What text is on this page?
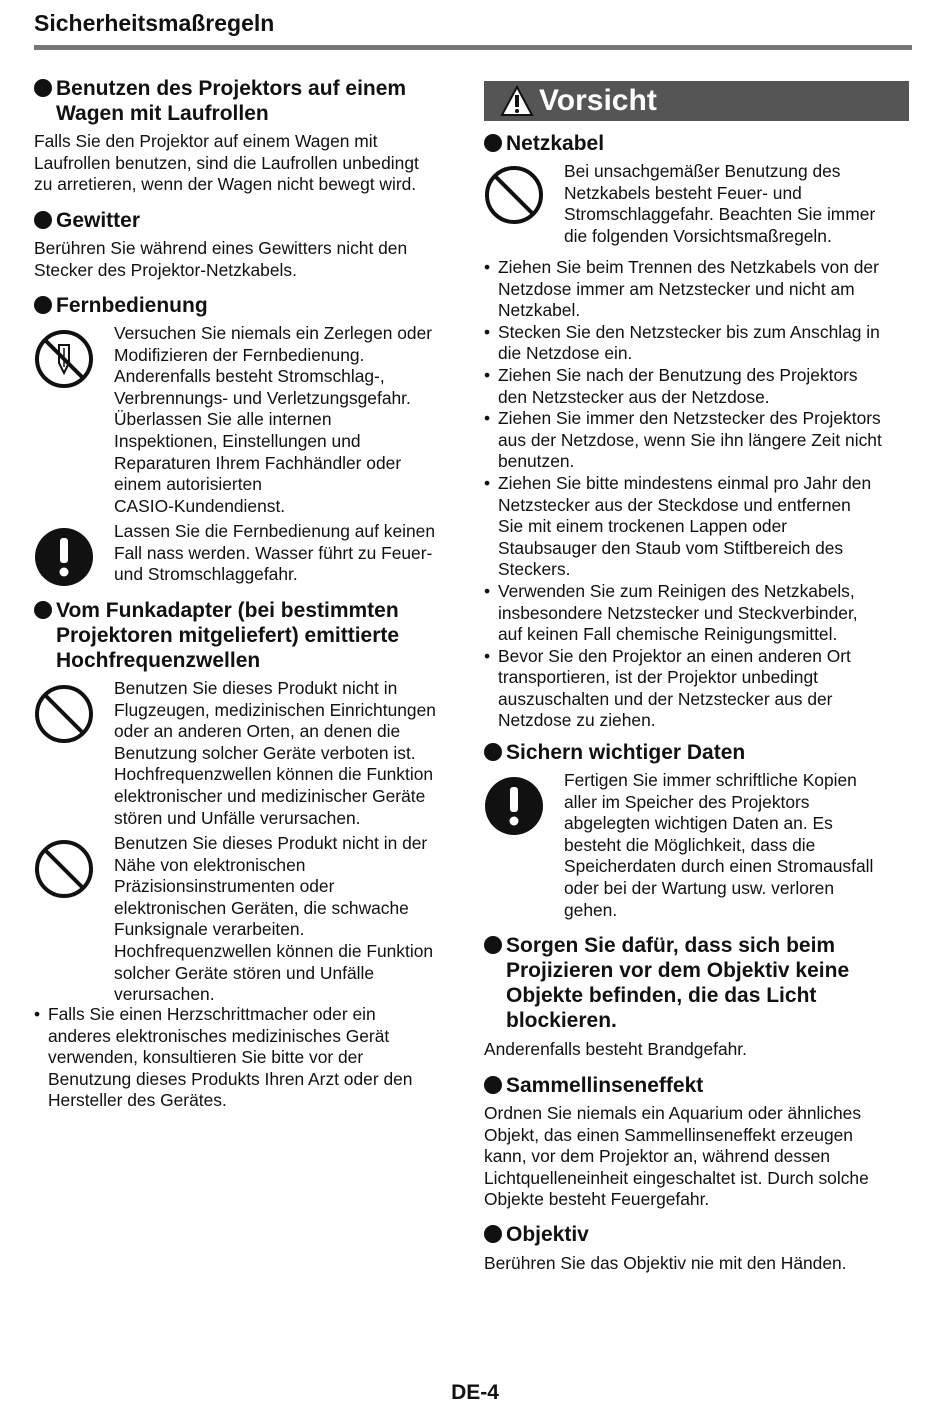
Sicherheitsmaßregeln
Benutzen des Projektors auf einem
Wagen mit Laufrollen
Falls Sie den Projektor auf einem Wagen mit
Laufrollen benutzen, sind die Laufrollen unbedingt
zu arretieren, wenn der Wagen nicht bewegt wird.
Gewitter
Berühren Sie während eines Gewitters nicht den
Stecker des Projektor-Netzkabels.
Fernbedienung
Versuchen Sie niemals ein Zerlegen oder
Modifizieren der Fernbedienung.
Anderenfalls besteht Stromschlag-,
Verbrennungs- und Verletzungsgefahr.
Überlassen Sie alle internen
Inspektionen, Einstellungen und
Reparaturen Ihrem Fachhändler oder
einem autorisierten
CASIO-Kundendienst.
Lassen Sie die Fernbedienung auf keinen
Fall nass werden. Wasser führt zu Feuer-
und Stromschlaggefahr.
Vom Funkadapter (bei bestimmten
Projektoren mitgeliefert) emittierte
Hochfrequenzwellen
Benutzen Sie dieses Produkt nicht in
Flugzeugen, medizinischen Einrichtungen
oder an anderen Orten, an denen die
Benutzung solcher Geräte verboten ist.
Hochfrequenzwellen können die Funktion
elektronischer und medizinischer Geräte
stören und Unfälle verursachen.
Benutzen Sie dieses Produkt nicht in der
Nähe von elektronischen
Präzisionsinstrumenten oder
elektronischen Geräten, die schwache
Funksignale verarbeiten.
Hochfrequenzwellen können die Funktion
solcher Geräte stören und Unfälle
verursachen.
• Falls Sie einen Herzschrittmacher oder ein
anderes elektronisches medizinisches Gerät
verwenden, konsultieren Sie bitte vor der
Benutzung dieses Produkts Ihren Arzt oder den
Hersteller des Gerätes.
Vorsicht
Netzkabel
Bei unsachgemäßer Benutzung des
Netzkabels besteht Feuer- und
Stromschlaggefahr. Beachten Sie immer
die folgenden Vorsichtsmaßregeln.
• Ziehen Sie beim Trennen des Netzkabels von der
Netzdose immer am Netzstecker und nicht am
Netzkabel.
• Stecken Sie den Netzstecker bis zum Anschlag in
die Netzdose ein.
• Ziehen Sie nach der Benutzung des Projektors
den Netzstecker aus der Netzdose.
• Ziehen Sie immer den Netzstecker des Projektors
aus der Netzdose, wenn Sie ihn längere Zeit nicht
benutzen.
• Ziehen Sie bitte mindestens einmal pro Jahr den
Netzstecker aus der Steckdose und entfernen
Sie mit einem trockenen Lappen oder
Staubsauger den Staub vom Stiftbereich des
Steckers.
• Verwenden Sie zum Reinigen des Netzkabels,
insbesondere Netzstecker und Steckverbinder,
auf keinen Fall chemische Reinigungsmittel.
• Bevor Sie den Projektor an einen anderen Ort
transportieren, ist der Projektor unbedingt
auszuschalten und der Netzstecker aus der
Netzdose zu ziehen.
Sichern wichtiger Daten
Fertigen Sie immer schriftliche Kopien
aller im Speicher des Projektors
abgelegten wichtigen Daten an. Es
besteht die Möglichkeit, dass die
Speicherdaten durch einen Stromausfall
oder bei der Wartung usw. verloren
gehen.
Sorgen Sie dafür, dass sich beim
Projizieren vor dem Objektiv keine
Objekte befinden, die das Licht
blockieren.
Anderenfalls besteht Brandgefahr.
Sammellinseneffekt
Ordnen Sie niemals ein Aquarium oder ähnliches
Objekt, das einen Sammellinseneffekt erzeugen
kann, vor dem Projektor an, während dessen
Lichtquelleneinheit eingeschaltet ist. Durch solche
Objekte besteht Feuergefahr.
Objektiv
Berühren Sie das Objektiv nie mit den Händen.
DE-4
